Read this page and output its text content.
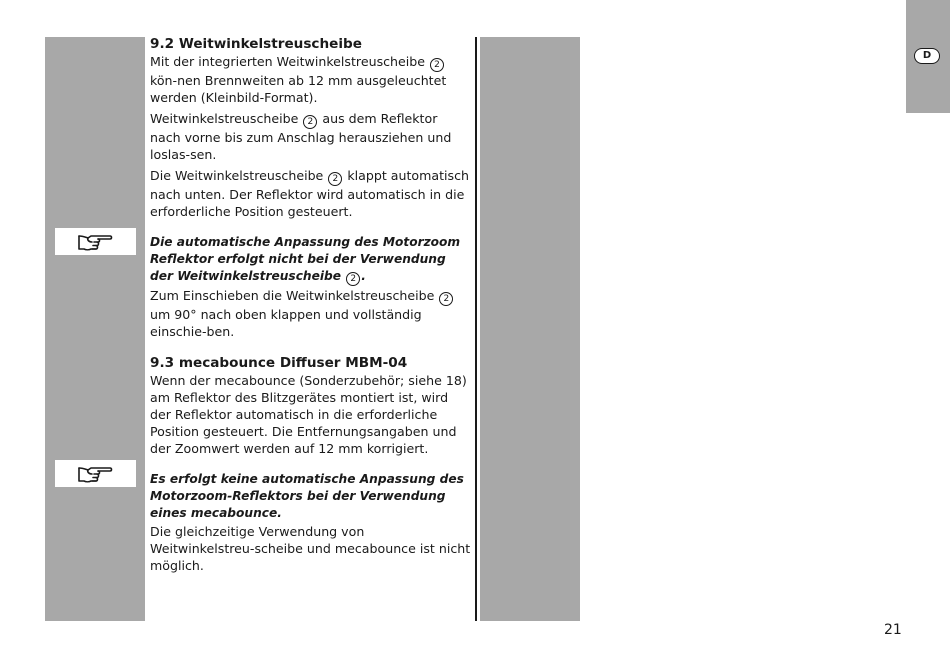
D
9.2 Weitwinkelstreuscheibe

Mit der integrierten Weitwinkelstreuscheibe 2 kön-nen Brennweiten ab 12 mm ausgeleuchtet werden (Kleinbild-Format).

Weitwinkelstreuscheibe 2 aus dem Reflektor nach vorne bis zum Anschlag herausziehen und loslas-sen.

Die Weitwinkelstreuscheibe 2 klappt automatisch nach unten. Der Reflektor wird automatisch in die erforderliche Position gesteuert.

Die automatische Anpassung des Motorzoom Reflektor erfolgt nicht bei der Verwendung der Weitwinkelstreuscheibe 2 .

Zum Einschieben die Weitwinkelstreuscheibe 2 um 90° nach oben klappen und vollständig einschie-ben.

9.3 mecabounce Diffuser MBM-04

Wenn der mecabounce (Sonderzubehör; siehe 18) am Reflektor des Blitzgerätes montiert ist, wird der Reflektor automatisch in die erforderliche Position gesteuert. Die Entfernungsangaben und der Zoomwert werden auf 12 mm korrigiert.

Es erfolgt keine automatische Anpassung des Motorzoom-Reflektors bei der Verwendung eines mecabounce.

Die gleichzeitige Verwendung von Weitwinkelstreu-scheibe und mecabounce ist nicht möglich.

21
